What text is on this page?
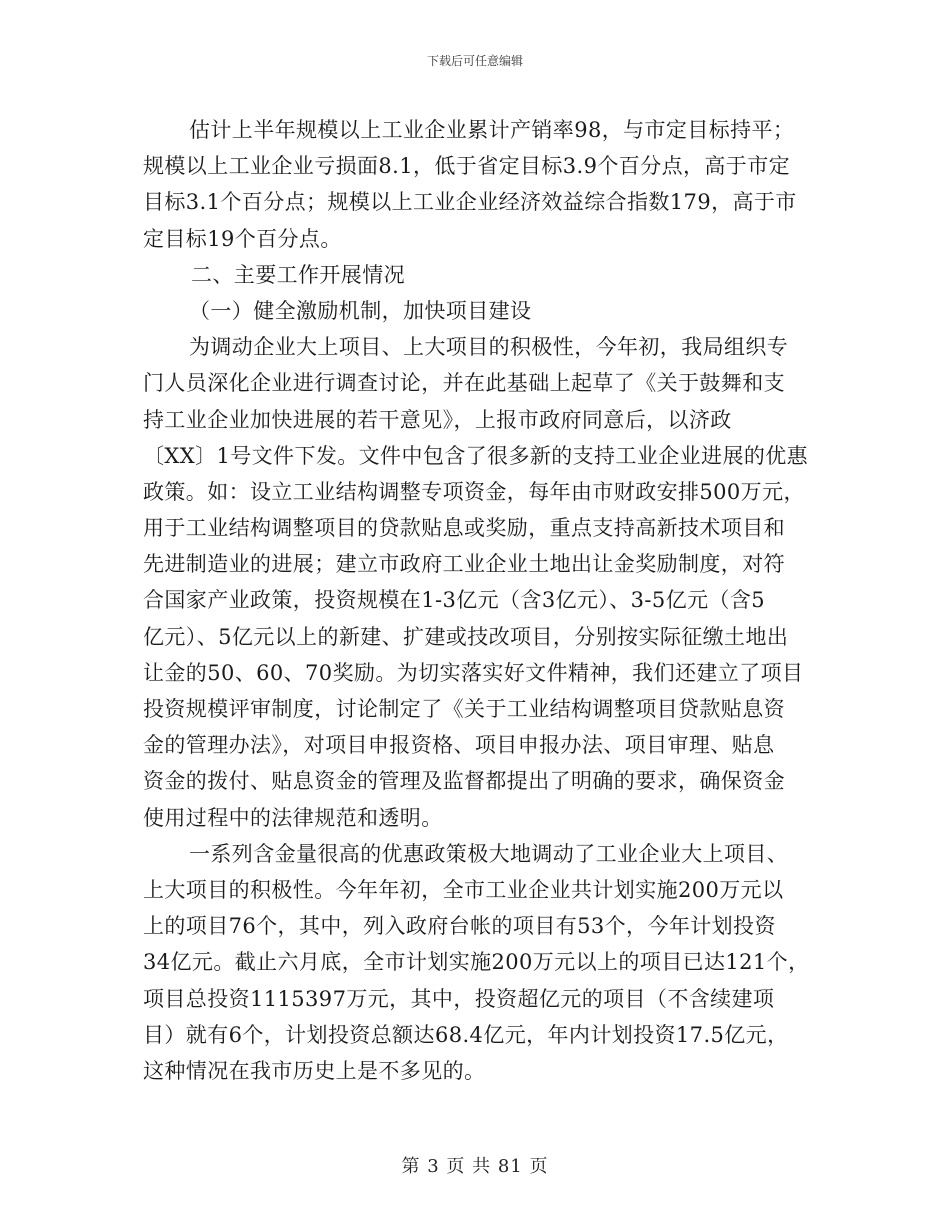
下载后可任意编辑
估计上半年规模以上工业企业累计产销率98，与市定目标持平；
规模以上工业企业亏损面8.1，低于省定目标3.9个百分点，高于市定
目标3.1个百分点；规模以上工业企业经济效益综合指数179，高于市
定目标19个百分点。
二、主要工作开展情况
（一）健全激励机制，加快项目建设
为调动企业大上项目、上大项目的积极性，今年初，我局组织专
门人员深化企业进行调查讨论，并在此基础上起草了《关于鼓舞和支
持工业企业加快进展的若干意见》，上报市政府同意后，以济政
〔XX〕1号文件下发。文件中包含了很多新的支持工业企业进展的优惠
政策。如：设立工业结构调整专项资金，每年由市财政安排500万元，
用于工业结构调整项目的贷款贴息或奖励，重点支持高新技术项目和
先进制造业的进展；建立市政府工业企业土地出让金奖励制度，对符
合国家产业政策，投资规模在1-3亿元（含3亿元）、3-5亿元（含5
亿元）、5亿元以上的新建、扩建或技改项目，分别按实际征缴土地出
让金的50、60、70奖励。为切实落实好文件精神，我们还建立了项目
投资规模评审制度，讨论制定了《关于工业结构调整项目贷款贴息资
金的管理办法》，对项目申报资格、项目申报办法、项目审理、贴息
资金的拨付、贴息资金的管理及监督都提出了明确的要求，确保资金
使用过程中的法律规范和透明。
一系列含金量很高的优惠政策极大地调动了工业企业大上项目、
上大项目的积极性。今年年初，全市工业企业共计划实施200万元以
上的项目76个，其中，列入政府台帐的项目有53个，今年计划投资
34亿元。截止六月底，全市计划实施200万元以上的项目已达121个，
项目总投资1115397万元，其中，投资超亿元的项目（不含续建项
目）就有6个，计划投资总额达68.4亿元，年内计划投资17.5亿元，
这种情况在我市历史上是不多见的。
第 3 页 共 81 页
